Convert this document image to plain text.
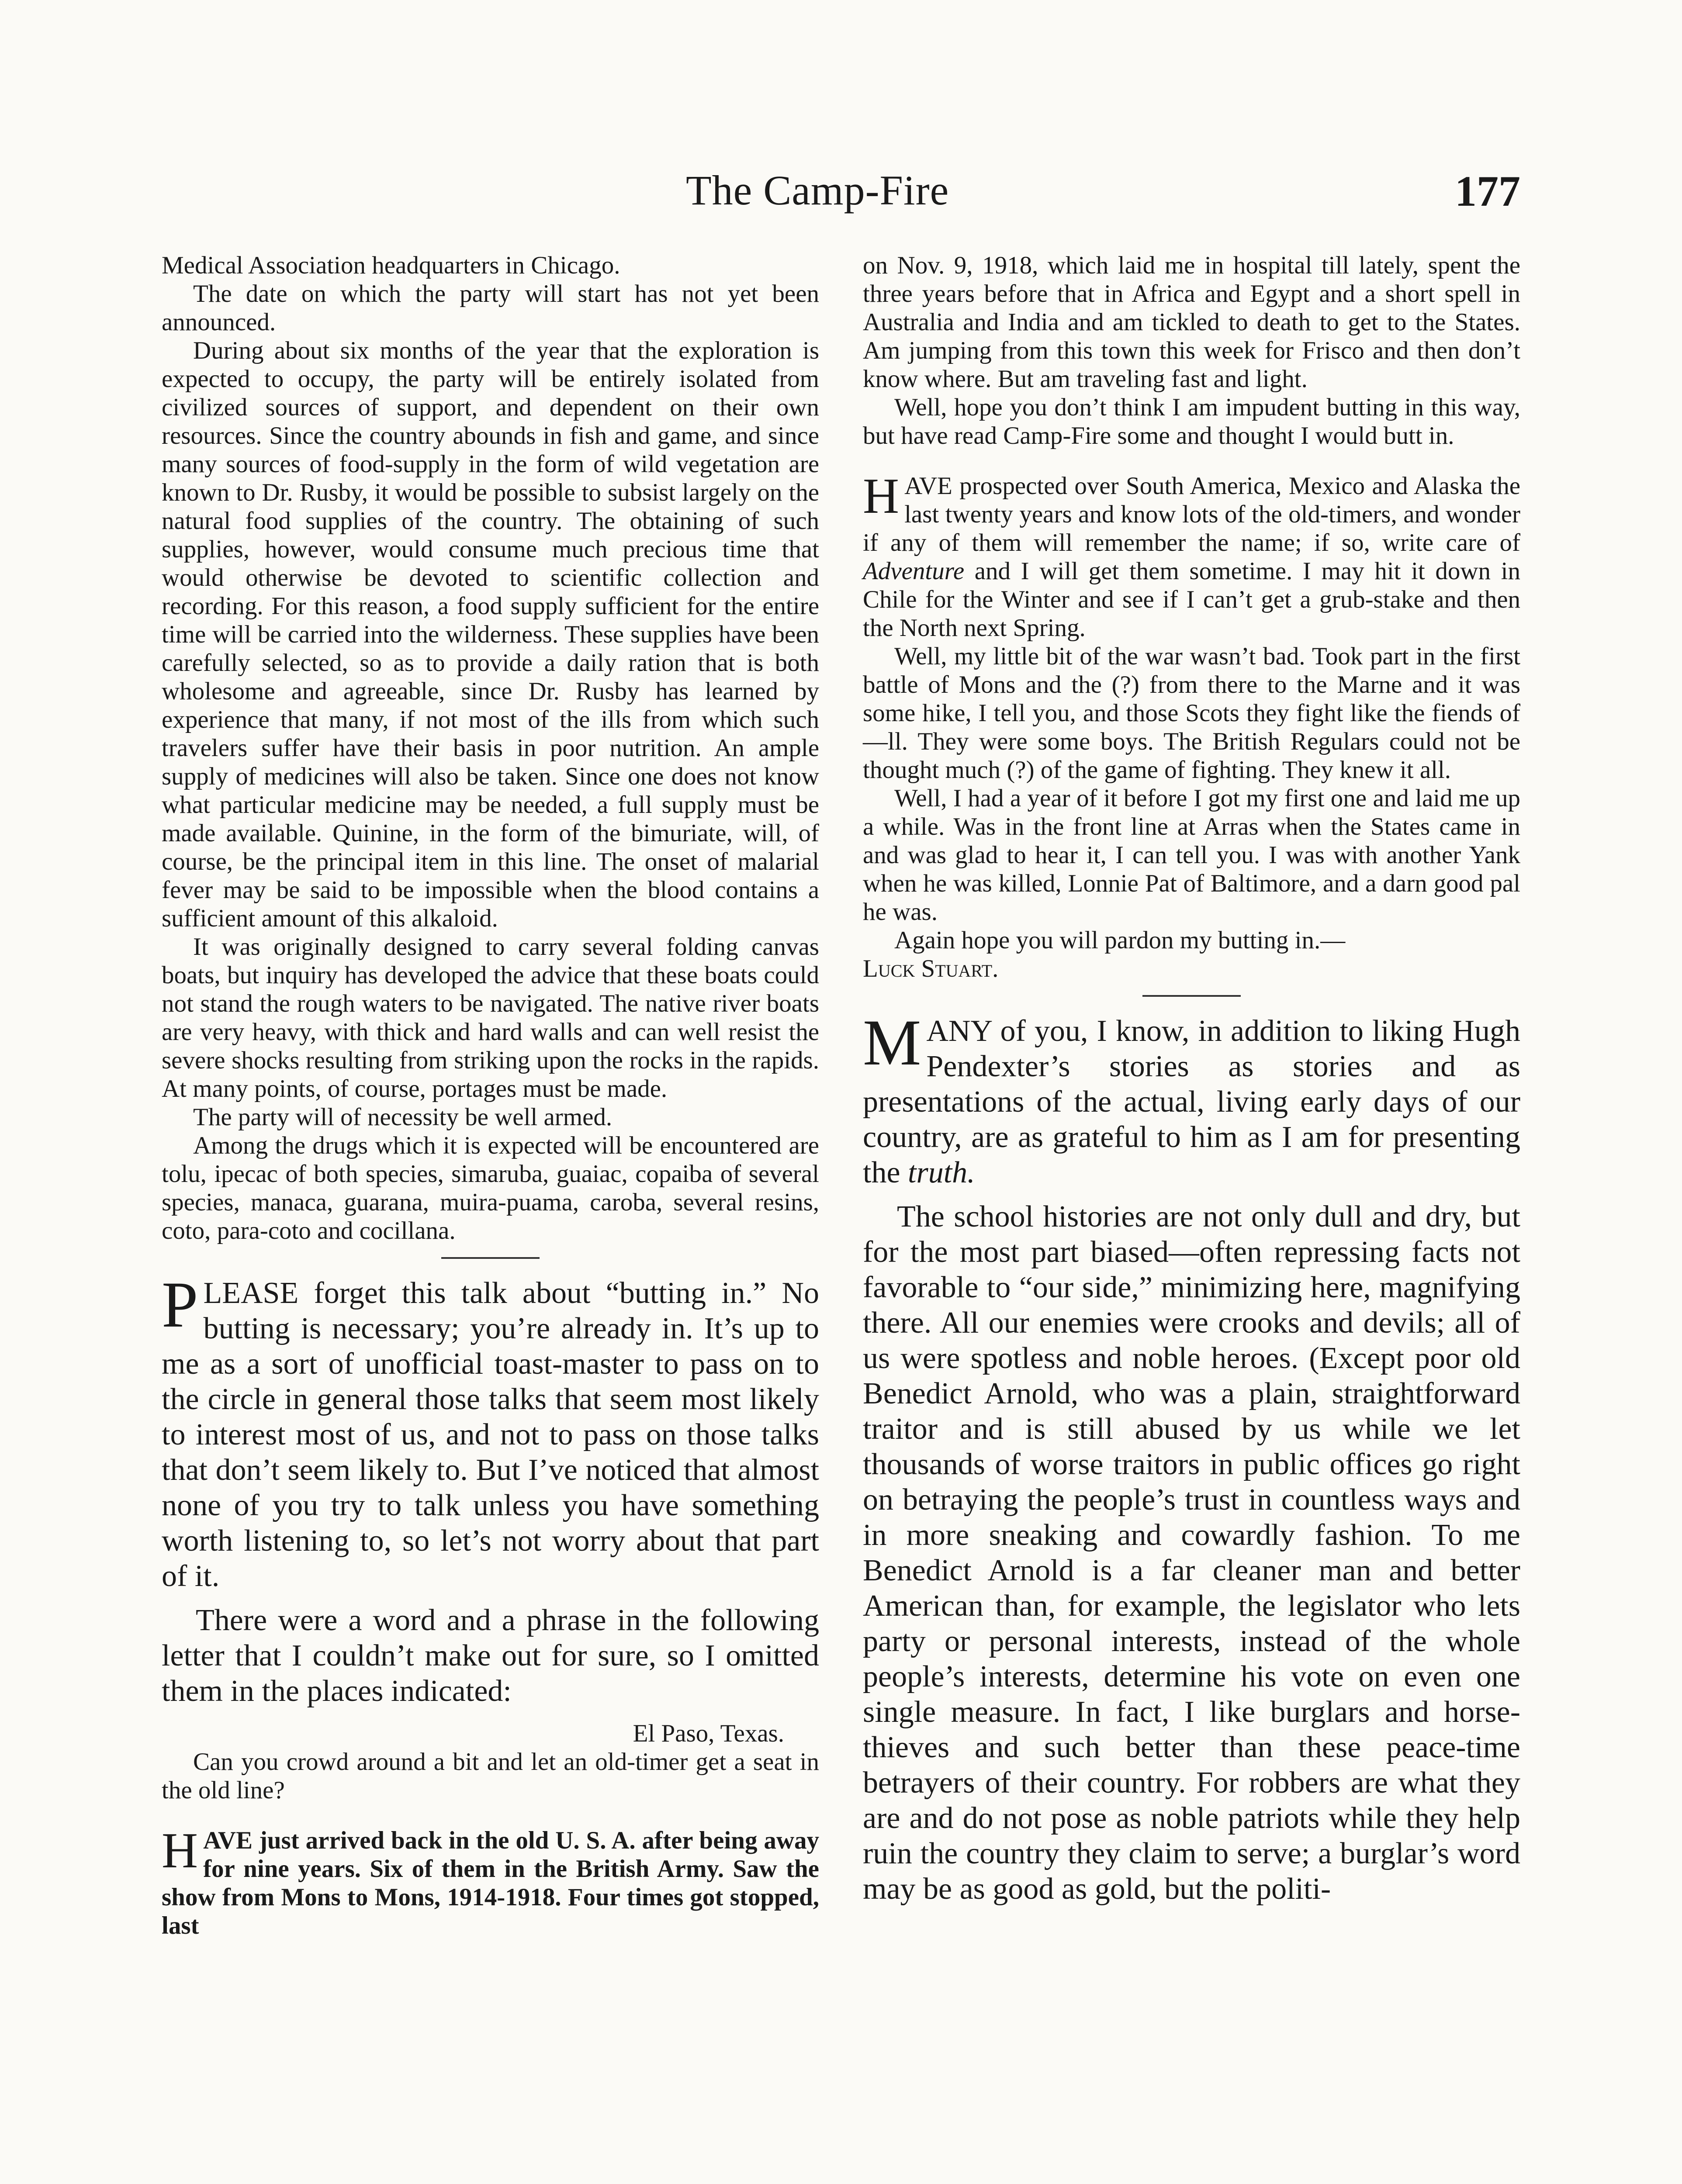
The Camp-Fire	177

Medical Association headquarters in Chicago.

The date on which the party will start has not yet been announced.

During about six months of the year that the exploration is expected to occupy, the party will be entirely isolated from civilized sources of support, and dependent on their own resources. Since the country abounds in fish and game, and since many sources of food-supply in the form of wild vegetation are known to Dr. Rusby, it would be possible to subsist largely on the natural food supplies of the country. The obtaining of such supplies, however, would consume much precious time that would otherwise be devoted to scientific collection and recording. For this reason, a food supply sufficient for the entire time will be carried into the wilderness. These supplies have been carefully selected, so as to provide a daily ration that is both wholesome and agreeable, since Dr. Rusby has learned by experience that many, if not most of the ills from which such travelers suffer have their basis in poor nutrition. An ample supply of medicines will also be taken. Since one does not know what particular medicine may be needed, a full supply must be made available. Quinine, in the form of the bimuriate, will, of course, be the principal item in this line. The onset of malarial fever may be said to be impossible when the blood contains a sufficient amount of this alkaloid.

It was originally designed to carry several folding canvas boats, but inquiry has developed the advice that these boats could not stand the rough waters to be navigated. The native river boats are very heavy, with thick and hard walls and can well resist the severe shocks resulting from striking upon the rocks in the rapids. At many points, of course, portages must be made.

The party will of necessity be well armed.

Among the drugs which it is expected will be encountered are tolu, ipecac of both species, simaruba, guaiac, copaiba of several species, manaca, guarana, muira-puama, caroba, several resins, coto, para-coto and cocillana.

PLEASE forget this talk about “butting in.” No butting is necessary; you’re already in. It’s up to me as a sort of unofficial toast-master to pass on to the circle in general those talks that seem most likely to interest most of us, and not to pass on those talks that don’t seem likely to. But I’ve noticed that almost none of you try to talk unless you have something worth listening to, so let’s not worry about that part of it.

There were a word and a phrase in the following letter that I couldn’t make out for sure, so I omitted them in the places indicated:

El Paso, Texas.

Can you crowd around a bit and let an old-timer get a seat in the old line?

HAVE just arrived back in the old U. S. A. after being away for nine years. Six of them in the British Army. Saw the show from Mons to Mons, 1914-1918. Four times got stopped, last

on Nov. 9, 1918, which laid me in hospital till lately, spent the three years before that in Africa and Egypt and a short spell in Australia and India and am tickled to death to get to the States. Am jumping from this town this week for Frisco and then don’t know where. But am traveling fast and light.

Well, hope you don’t think I am impudent butting in this way, but have read Camp-Fire some and thought I would butt in.

HAVE prospected over South America, Mexico and Alaska the last twenty years and know lots of the old-timers, and wonder if any of them will remember the name; if so, write care of Adventure and I will get them sometime. I may hit it down in Chile for the Winter and see if I can’t get a grub-stake and then the North next Spring.

Well, my little bit of the war wasn’t bad. Took part in the first battle of Mons and the (?) from there to the Marne and it was some hike, I tell you, and those Scots they fight like the fiends of —ll. They were some boys. The British Regulars could not be thought much (?) of the game of fighting. They knew it all.

Well, I had a year of it before I got my first one and laid me up a while. Was in the front line at Arras when the States came in and was glad to hear it, I can tell you. I was with another Yank when he was killed, Lonnie Pat of Baltimore, and a darn good pal he was.

Again hope you will pardon my butting in.—

Luck Stuart.

MANY of you, I know, in addition to liking Hugh Pendexter’s stories as stories and as presentations of the actual, living early days of our country, are as grateful to him as I am for presenting the truth.

The school histories are not only dull and dry, but for the most part biased—often repressing facts not favorable to “our side,” minimizing here, magnifying there. All our enemies were crooks and devils; all of us were spotless and noble heroes. (Except poor old Benedict Arnold, who was a plain, straightforward traitor and is still abused by us while we let thousands of worse traitors in public offices go right on betraying the people’s trust in countless ways and in more sneaking and cowardly fashion. To me Benedict Arnold is a far cleaner man and better American than, for example, the legislator who lets party or personal interests, instead of the whole people’s interests, determine his vote on even one single measure. In fact, I like burglars and horse-thieves and such better than these peace-time betrayers of their country. For robbers are what they are and do not pose as noble patriots while they help ruin the country they claim to serve; a burglar’s word may be as good as gold, but the politi-
